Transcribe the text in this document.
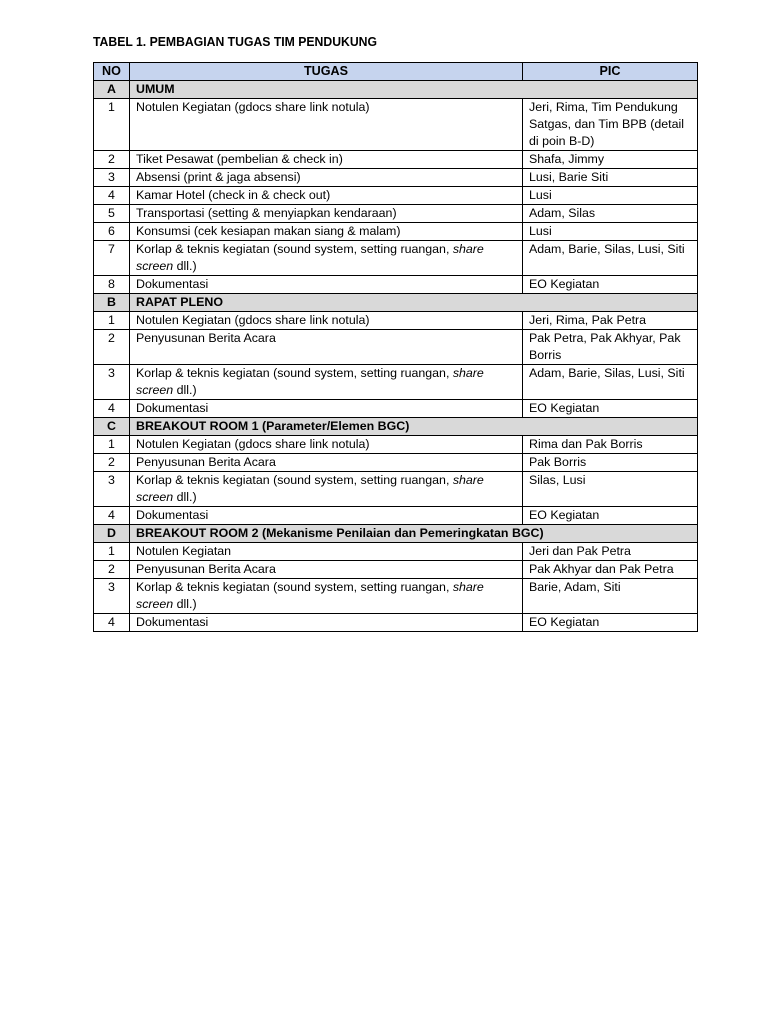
TABEL 1. PEMBAGIAN TUGAS TIM PENDUKUNG
NO	TUGAS	PIC
A	UMUM	
1	Notulen Kegiatan (gdocs share link notula)	Jeri, Rima, Tim Pendukung Satgas, dan Tim BPB (detail di poin B-D)
2	Tiket Pesawat (pembelian & check in)	Shafa, Jimmy
3	Absensi (print & jaga absensi)	Lusi, Barie Siti
4	Kamar Hotel (check in & check out)	Lusi
5	Transportasi (setting & menyiapkan kendaraan)	Adam, Silas
6	Konsumsi (cek kesiapan makan siang & malam)	Lusi
7	Korlap & teknis kegiatan (sound system, setting ruangan, share screen dll.)	Adam, Barie, Silas, Lusi, Siti
8	Dokumentasi	EO Kegiatan
B	RAPAT PLENO	
1	Notulen Kegiatan (gdocs share link notula)	Jeri, Rima, Pak Petra
2	Penyusunan Berita Acara	Pak Petra, Pak Akhyar, Pak Borris
3	Korlap & teknis kegiatan (sound system, setting ruangan, share screen dll.)	Adam, Barie, Silas, Lusi, Siti
4	Dokumentasi	EO Kegiatan
C	BREAKOUT ROOM 1 (Parameter/Elemen BGC)	
1	Notulen Kegiatan (gdocs share link notula)	Rima dan Pak Borris
2	Penyusunan Berita Acara	Pak Borris
3	Korlap & teknis kegiatan (sound system, setting ruangan, share screen dll.)	Silas, Lusi
4	Dokumentasi	EO Kegiatan
D	BREAKOUT ROOM 2 (Mekanisme Penilaian dan Pemeringkatan BGC)	
1	Notulen Kegiatan	Jeri dan Pak Petra
2	Penyusunan Berita Acara	Pak Akhyar dan Pak Petra
3	Korlap & teknis kegiatan (sound system, setting ruangan, share screen dll.)	Barie, Adam, Siti
4	Dokumentasi	EO Kegiatan
